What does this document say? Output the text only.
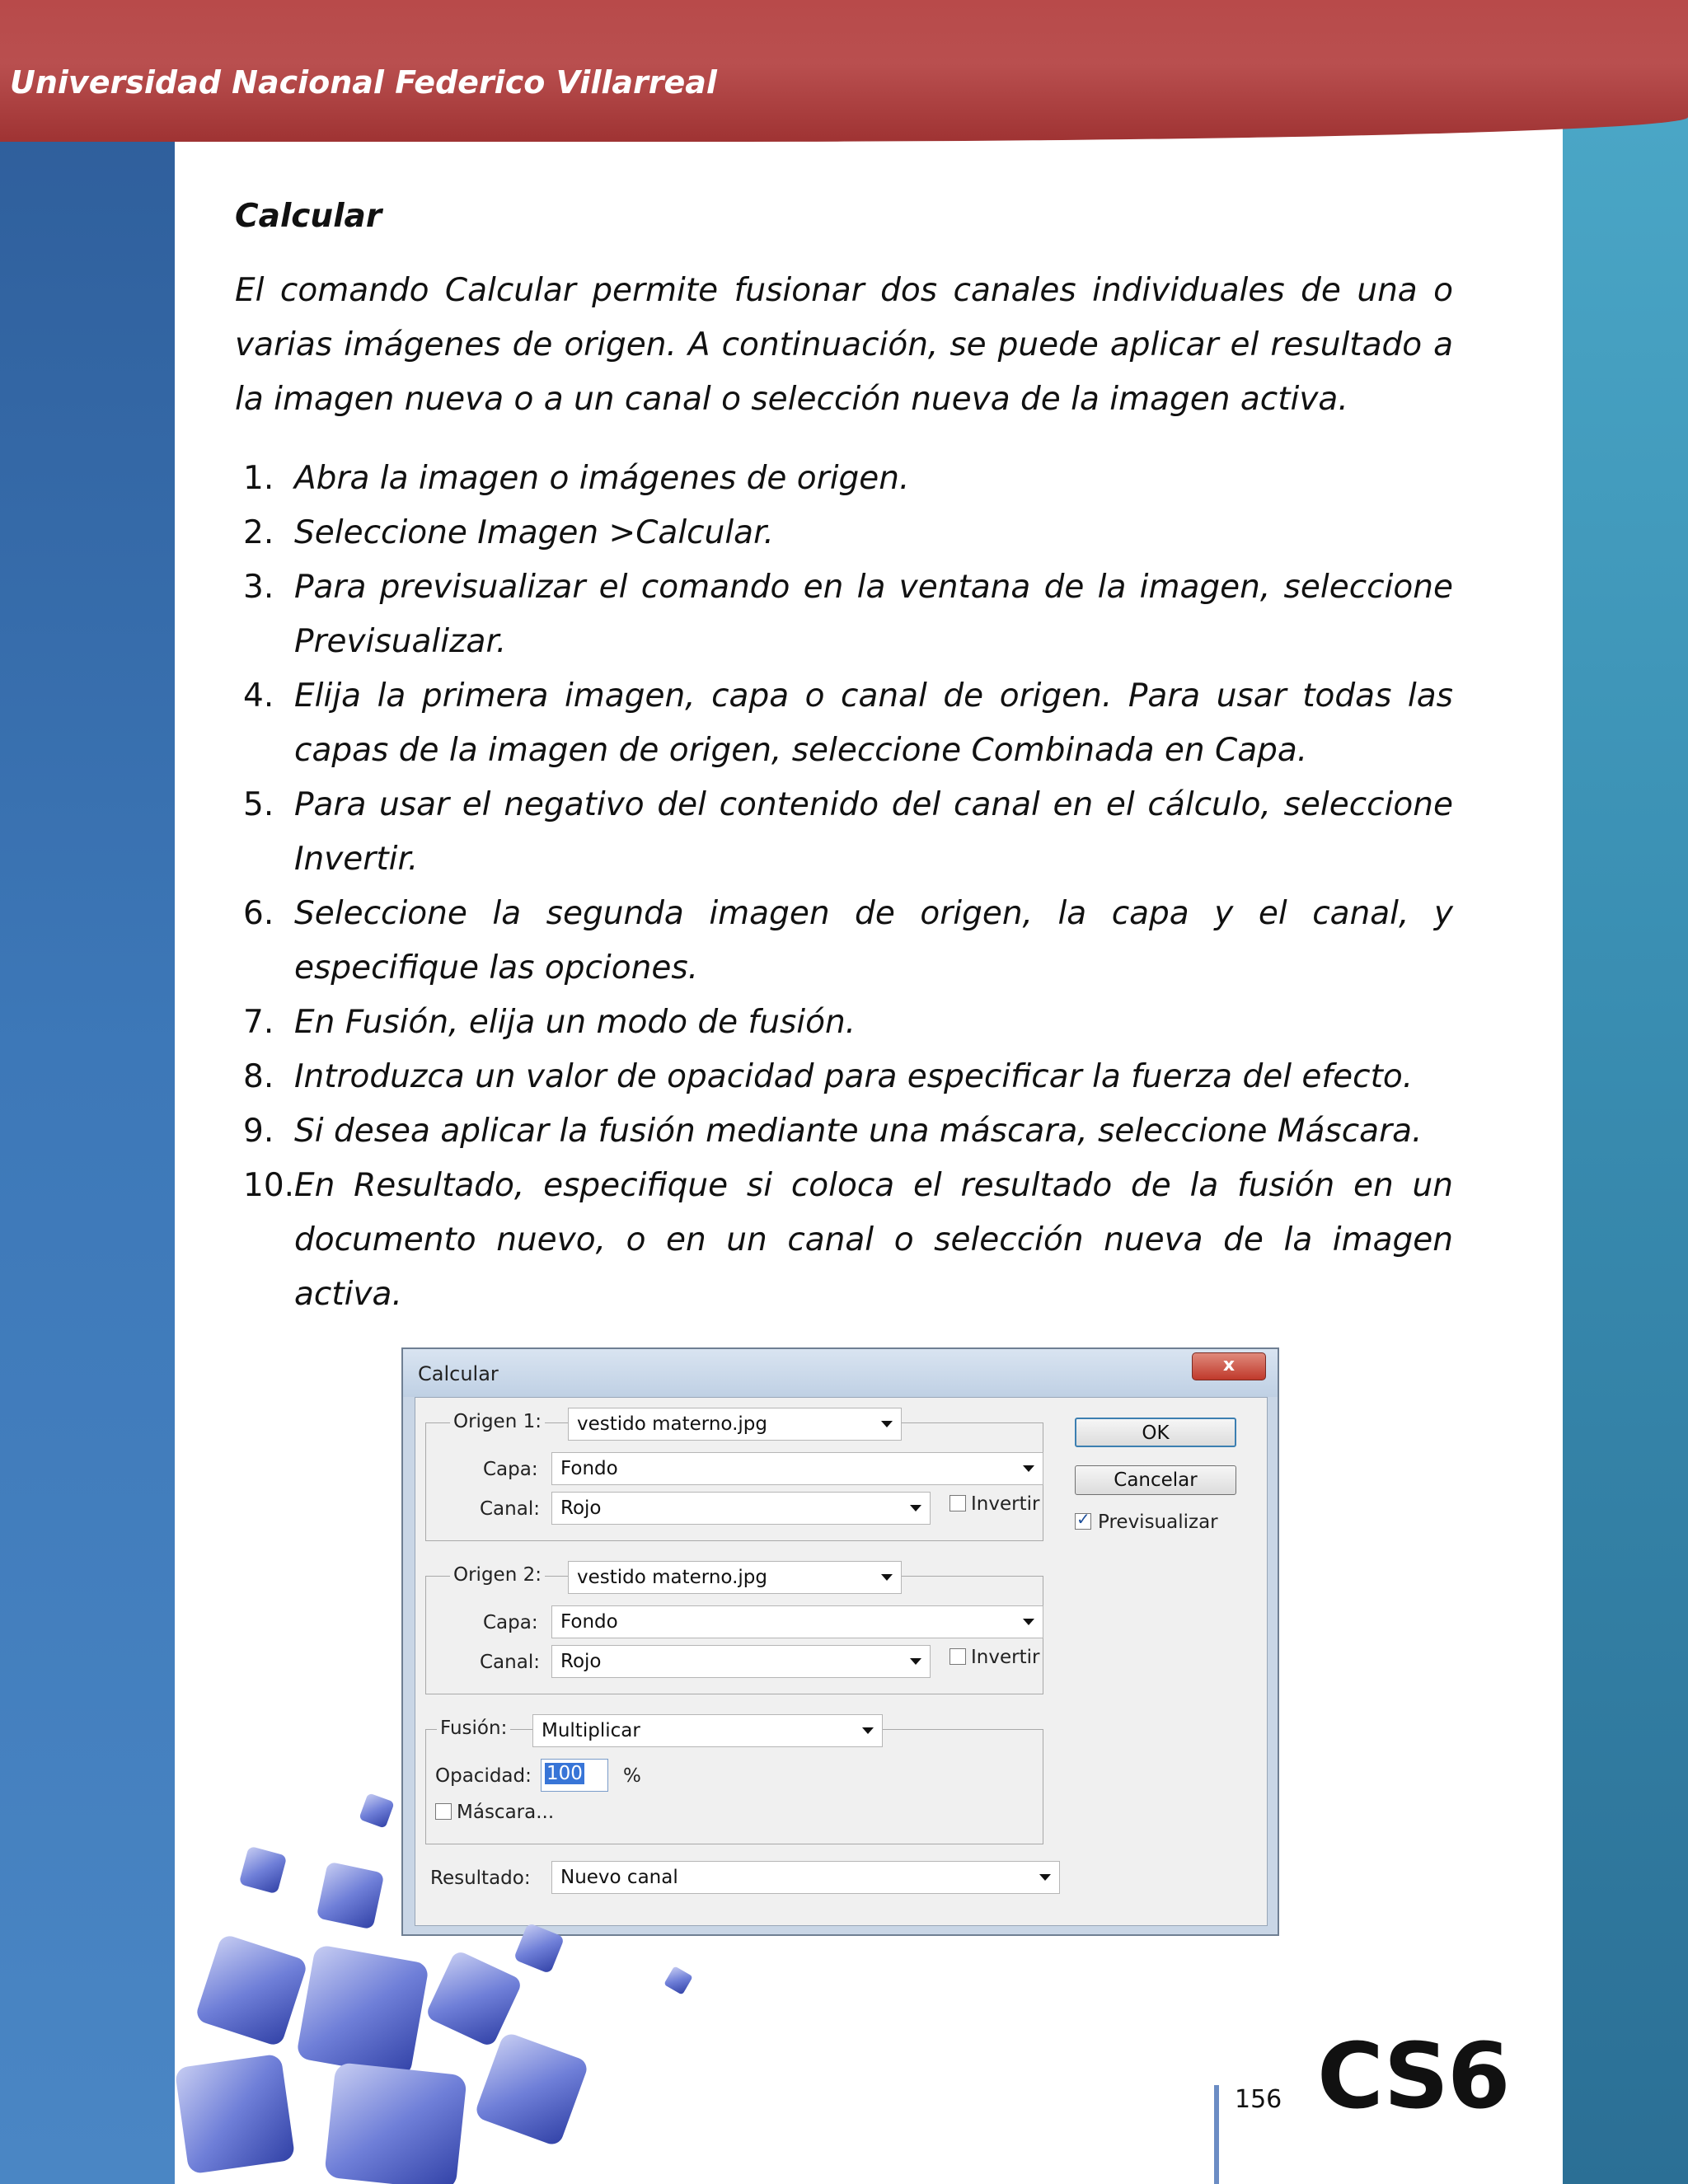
Universidad Nacional Federico Villarreal
Calcular
El comando Calcular permite fusionar dos canales individuales de una o varias imágenes de origen. A continuación, se puede aplicar el resultado a la imagen nueva o a un canal o selección nueva de la imagen activa.
1. Abra la imagen o imágenes de origen.
2. Seleccione Imagen >Calcular.
3. Para previsualizar el comando en la ventana de la imagen, seleccione Previsualizar.
4. Elija la primera imagen, capa o canal de origen. Para usar todas las capas de la imagen de origen, seleccione Combinada en Capa.
5. Para usar el negativo del contenido del canal en el cálculo, seleccione Invertir.
6. Seleccione la segunda imagen de origen, la capa y el canal, y especifique las opciones.
7. En Fusión, elija un modo de fusión.
8. Introduzca un valor de opacidad para especificar la fuerza del efecto.
9. Si desea aplicar la fusión mediante una máscara, seleccione Máscara.
10. En Resultado, especifique si coloca el resultado de la fusión en un documento nuevo, o en un canal o selección nueva de la imagen activa.
Calcular	x
Origen 1:	vestido materno.jpg
Capa:	Fondo
Canal:	Rojo	Invertir
Origen 2:	vestido materno.jpg
Capa:	Fondo
Canal:	Rojo	Invertir
Fusión:	Multiplicar
Opacidad: 100	%
Máscara...
Resultado:	Nuevo canal
OK
Cancelar
✓
Previsualizar
156 CS6
